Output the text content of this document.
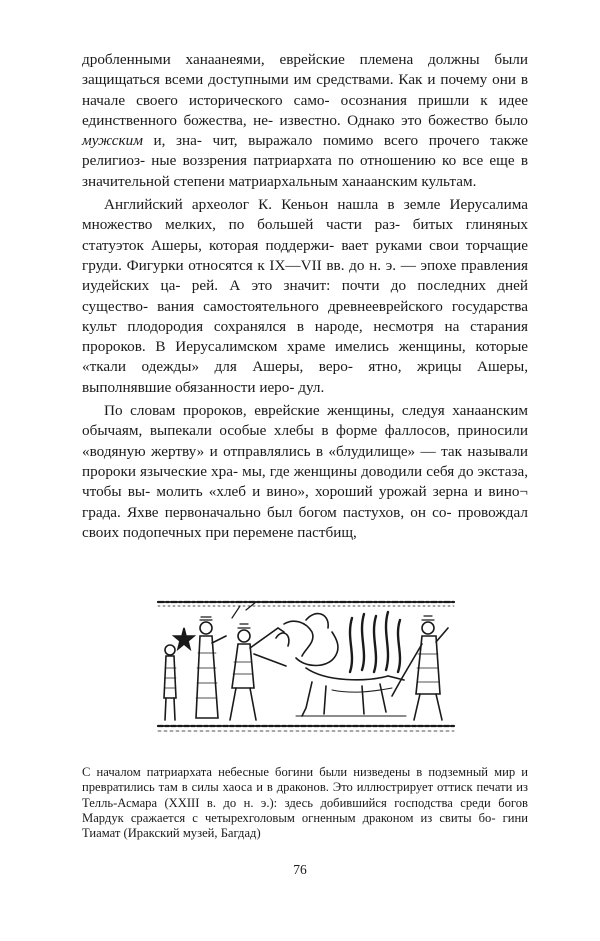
дробленными ханаанеями, еврейские племена должны были защищаться всеми доступными им средствами. Как и почему они в начале своего исторического само- осознания пришли к идее единственного божества, не- известно. Однако это божество было мужским и, зна- чит, выражало помимо всего прочего также религиоз- ные воззрения патриархата по отношению ко все еще в значительной степени матриархальным ханаанским культам.

Английский археолог К. Кеньон нашла в земле Иерусалима множество мелких, по большей части раз- битых глиняных статуэток Ашеры, которая поддержи- вает руками свои торчащие груди. Фигурки относятся к IX—VII вв. до н. э. — эпохе правления иудейских ца- рей. А это значит: почти до последних дней существо- вания самостоятельного древнееврейского государства культ плодородия сохранялся в народе, несмотря на старания пророков. В Иерусалимском храме имелись женщины, которые «ткали одежды» для Ашеры, веро- ятно, жрицы Ашеры, выполнявшие обязанности иеро- дул.

По словам пророков, еврейские женщины, следуя ханаанским обычаям, выпекали особые хлебы в форме фаллосов, приносили «водяную жертву» и отправлялись в «блудилище» — так называли пророки языческие хра- мы, где женщины доводили себя до экстаза, чтобы вы- молить «хлеб и вино», хороший урожай зерна и вино¬ града. Яхве первоначально был богом пастухов, он со- провождал своих подопечных при перемене пастбищ,

С началом патриархата небесные богини были низведены в подземный мир и превратились там в силы хаоса и в драконов. Это иллюстрирует оттиск печати из Телль-Асмара (XXIII в. до н. э.): здесь добившийся господства среди богов Мардук сражается с четырехголовым огненным драконом из свиты бо- гини Тиамат (Иракский музей, Багдад)

76
